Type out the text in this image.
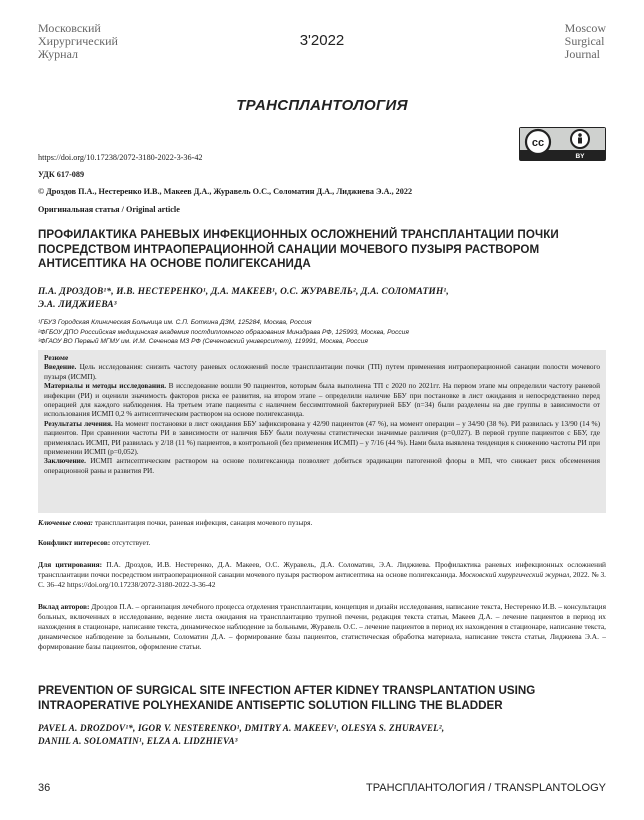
Московский
Хирургический
Журнал
3'2022
Moscow
Surgical
Journal
ТРАНСПЛАНТОЛОГИЯ
cc
BY
https://doi.org/10.17238/2072-3180-2022-3-36-42
УДК 617-089
© Дроздов П.А., Нестеренко И.В., Макеев Д.А., Журавель О.С., Соломатин Д.А., Лиджиева Э.А., 2022
Оригинальная статья / Original article
ПРОФИЛАКТИКА РАНЕВЫХ ИНФЕКЦИОННЫХ ОСЛОЖНЕНИЙ ТРАНСПЛАНТАЦИИ ПОЧКИ ПОСРЕДСТВОМ ИНТРАОПЕРАЦИОННОЙ САНАЦИИ МОЧЕВОГО ПУЗЫРЯ РАСТВОРОМ АНТИСЕПТИКА НА ОСНОВЕ ПОЛИГЕКСАНИДА
П.А. ДРОЗДОВ¹*, И.В. НЕСТЕРЕНКО¹, Д.А. МАКЕЕВ¹, О.С. ЖУРАВЕЛЬ², Д.А. СОЛОМАТИН¹,
Э.А. ЛИДЖИЕВА³
¹ГБУЗ Городская Клиническая Больница им. С.П. Боткина ДЗМ, 125284, Москва, Россия
²ФГБОУ ДПО Российская медицинская академия постдипломного образования Минздрава РФ, 125993, Москва, Россия
³ФГАОУ ВО Первый МГМУ им. И.М. Сеченова МЗ РФ (Сеченовский университет), 119991, Москва, Россия

Резюме

Введение. Цель исследования: снизить частоту раневых осложнений после трансплантации почки (ТП) путем применения интраоперационной санации полости мочевого пузыря (ИСМП).

Материалы и методы исследования. В исследование вошли 90 пациентов, которым была выполнена ТП с 2020 по 2021гг. На первом этапе мы определили частоту раневой инфекции (РИ) и оценили значимость факторов риска ее развития, на втором этапе – определили наличие ББУ при постановке в лист ожидания и непосредственно перед операцией для каждого наблюдения. На третьем этапе пациенты с наличием бессимптомной бактериурией ББУ (n=34) были разделены на две группы в зависимости от использования ИСМП 0,2 % антисептическим раствором на основе полигексанида.

Результаты лечения. На момент постановки в лист ожидания ББУ зафиксирована у 42/90 пациентов (47 %), на момент операции – у 34/90 (38 %). РИ развилась у 13/90 (14 %) пациентов. При сравнении частоты РИ в зависимости от наличия ББУ были получены статистически значимые различия (p=0,027). В первой группе пациентов с ББУ, где применялась ИСМП, РИ развилась у 2/18 (11 %) пациентов, в контрольной (без применения ИСМП) – у 7/16 (44 %). Нами была выявлена тенденция к снижению частоты РИ при применении ИСМП (p=0,052).

Заключение. ИСМП антисептическим раствором на основе полигексанида позволяет добиться эрадикации патогенной флоры в МП, что снижает риск обсеменения операционной раны и развития РИ.

Ключевые слова: трансплантация почки, раневая инфекция, санация мочевого пузыря.
Конфликт интересов: отсутствует.
Для цитирования: П.А. Дроздов, И.В. Нестеренко, Д.А. Макеев, О.С. Журавель, Д.А. Соломатин, Э.А. Лиджиева. Профилактика раневых инфекционных осложнений трансплантации почки посредством интраоперационной санации мочевого пузыря раствором антисептика на основе полигексанида. Московский хирургический журнал, 2022. № 3. С. 36–42 https://doi.org/10.17238/2072-3180-2022-3-36-42
Вклад авторов: Дроздов П.А. – организация лечебного процесса отделения трансплантации, концепция и дизайн исследования, написание текста, Нестеренко И.В. – консультация больных, включенных в исследование, ведение листа ожидания на трансплантацию трупной печени, редакция текста статьи, Макеев Д.А. – лечение пациентов в период их нахождения в стационаре, написание текста, динамическое наблюдение за больными, Журавель О.С. – лечение пациентов в период их нахождения в стационаре, написание текста, динамическое наблюдение за больными, Соломатин Д.А. – формирование базы пациентов, статистическая обработка материала, написание текста статьи, Лиджиева Э.А. – формирование базы пациентов, оформление статьи.
PREVENTION OF SURGICAL SITE INFECTION AFTER KIDNEY TRANSPLANTATION USING INTRAOPERATIVE POLYHEXANIDE ANTISEPTIC SOLUTION FILLING THE BLADDER
PAVEL A. DROZDOV¹*, IGOR V. NESTERENKO¹, DMITRY A. MAKEEV¹, OLESYA S. ZHURAVEL²,
DANIIL A. SOLOMATIN¹, ELZA A. LIDZHIEVA³
36	ТРАНСПЛАНТОЛОГИЯ / TRANSPLANTOLOGY
